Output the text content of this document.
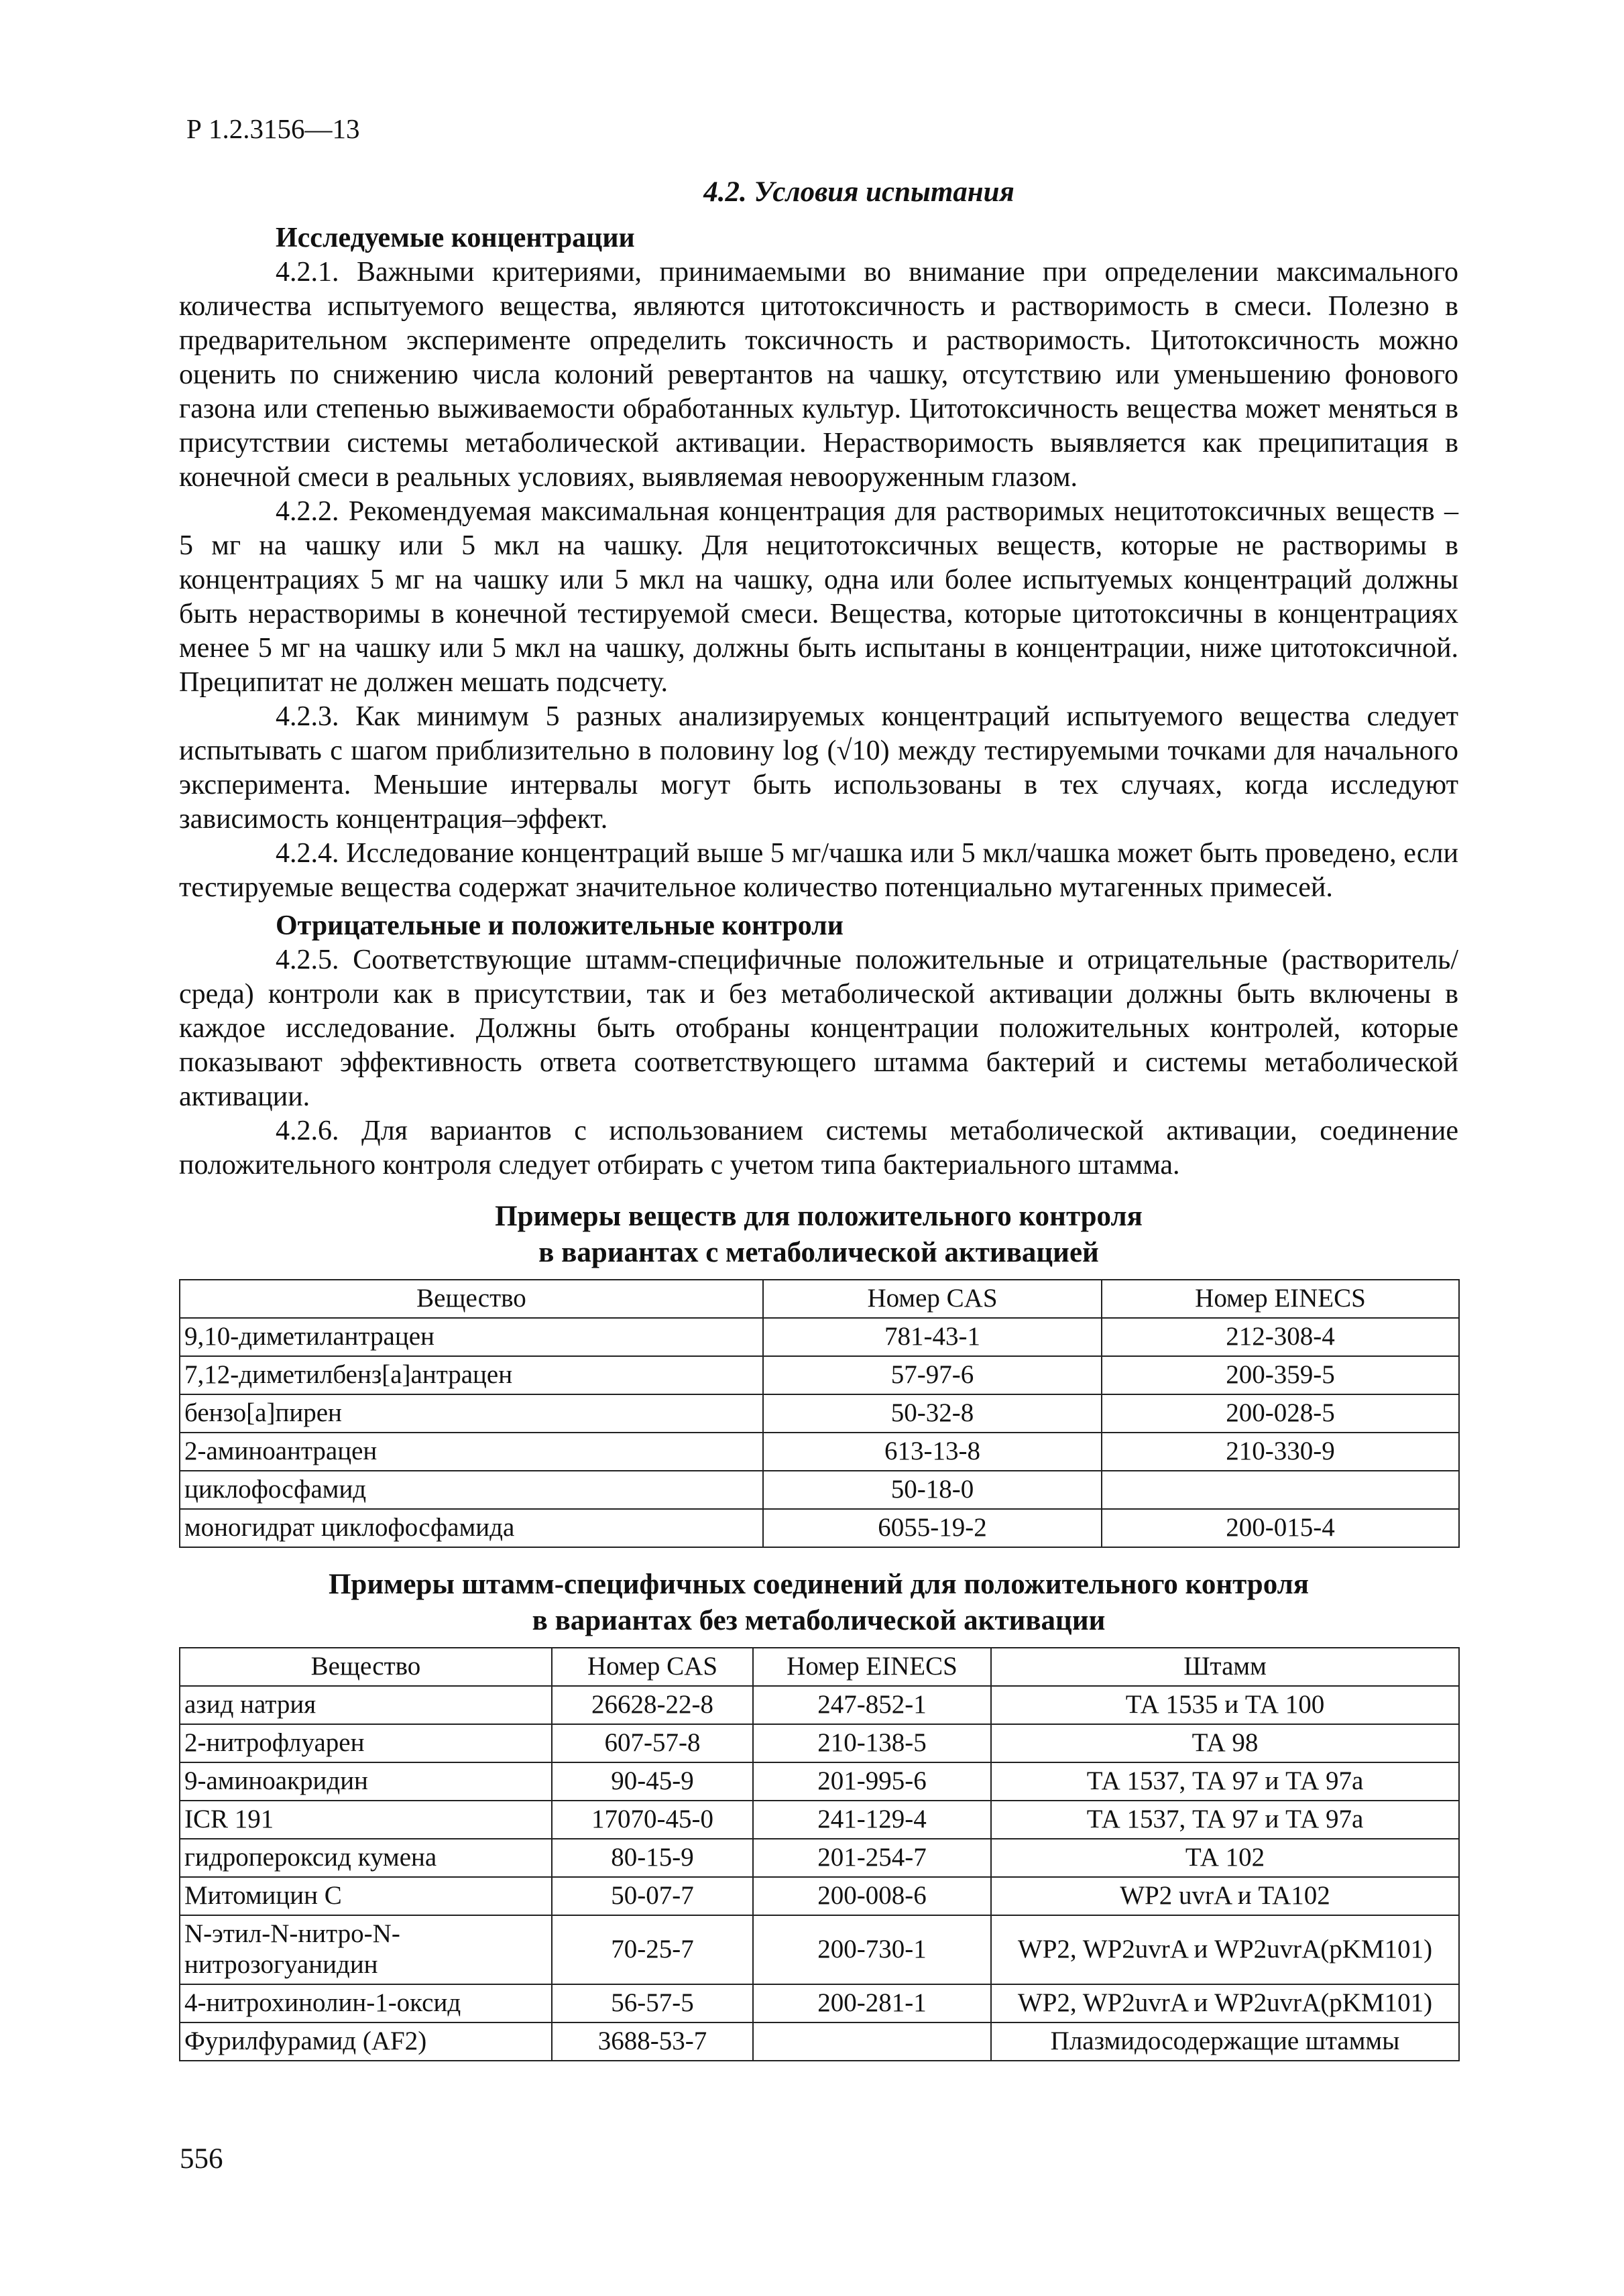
Р 1.2.3156—13
4.2. Условия испытания

Исследуемые концентрации

4.2.1. Важными критериями, принимаемыми во внимание при определении максимального количества испытуемого вещества, являются цитотоксичность и растворимость в смеси. Полезно в предварительном эксперименте определить токсичность и растворимость. Цитотоксичность можно оценить по снижению числа колоний ревертантов на чашку, отсутствию или уменьшению фонового газона или степенью выживаемости обработанных культур. Цитотоксичность вещества может меняться в присутствии системы метаболической активации. Нерастворимость выявляется как преципитация в конечной смеси в реальных условиях, выявляемая невооруженным глазом.

4.2.2. Рекомендуемая максимальная концентрация для растворимых нецитотоксичных веществ – 5 мг на чашку или 5 мкл на чашку. Для нецитотоксичных веществ, которые не растворимы в концентрациях 5 мг на чашку или 5 мкл на чашку, одна или более испытуемых концентраций должны быть нерастворимы в конечной тестируемой смеси. Вещества, которые цитотоксичны в концентрациях менее 5 мг на чашку или 5 мкл на чашку, должны быть испытаны в концентрации, ниже цитотоксичной. Преципитат не должен мешать подсчету.

4.2.3. Как минимум 5 разных анализируемых концентраций испытуемого вещества следует испытывать с шагом приблизительно в половину log (√10) между тестируемыми точками для начального эксперимента. Меньшие интервалы могут быть использованы в тех случаях, когда исследуют зависимость концентрация–эффект.

4.2.4. Исследование концентраций выше 5 мг/чашка или 5 мкл/чашка может быть проведено, если тестируемые вещества содержат значительное количество потенциально мутагенных примесей.

Отрицательные и положительные контроли

4.2.5. Соответствующие штамм-специфичные положительные и отрицательные (растворитель/среда) контроли как в присутствии, так и без метаболической активации должны быть включены в каждое исследование. Должны быть отобраны концентрации положительных контролей, которые показывают эффективность ответа соответствующего штамма бактерий и системы метаболической активации.

4.2.6. Для вариантов с использованием системы метаболической активации, соединение положительного контроля следует отбирать с учетом типа бактериального штамма.

Примеры веществ для положительного контроля
в вариантах с метаболической активацией
Вещество	Номер CAS	Номер EINECS
9,10-диметилантрацен	781-43-1	212-308-4
7,12-диметилбенз[а]антрацен	57-97-6	200-359-5
бензо[а]пирен	50-32-8	200-028-5
2-аминоантрацен	613-13-8	210-330-9
циклофосфамид	50-18-0	
моногидрат циклофосфамида	6055-19-2	200-015-4
Примеры штамм-специфичных соединений для положительного контроля
в вариантах без метаболической активации
Вещество	Номер CAS	Номер EINECS	Штамм
азид натрия	26628-22-8	247-852-1	ТА 1535 и ТА 100
2-нитрофлуарен	607-57-8	210-138-5	ТА 98
9-аминоакридин	90-45-9	201-995-6	ТА 1537, ТА 97 и ТА 97а
ICR 191	17070-45-0	241-129-4	ТА 1537, ТА 97 и ТА 97а
гидропероксид кумена	80-15-9	201-254-7	ТА 102
Митомицин С	50-07-7	200-008-6	WP2 uvrA и TA102
N-этил-N-нитро-N-нитрозогуанидин	70-25-7	200-730-1	WP2, WP2uvrA и WP2uvrA(pKM101)
4-нитрохинолин-1-оксид	56-57-5	200-281-1	WP2, WP2uvrA и WP2uvrA(pKM101)
Фурилфурамид (AF2)	3688-53-7		Плазмидосодержащие штаммы
556
